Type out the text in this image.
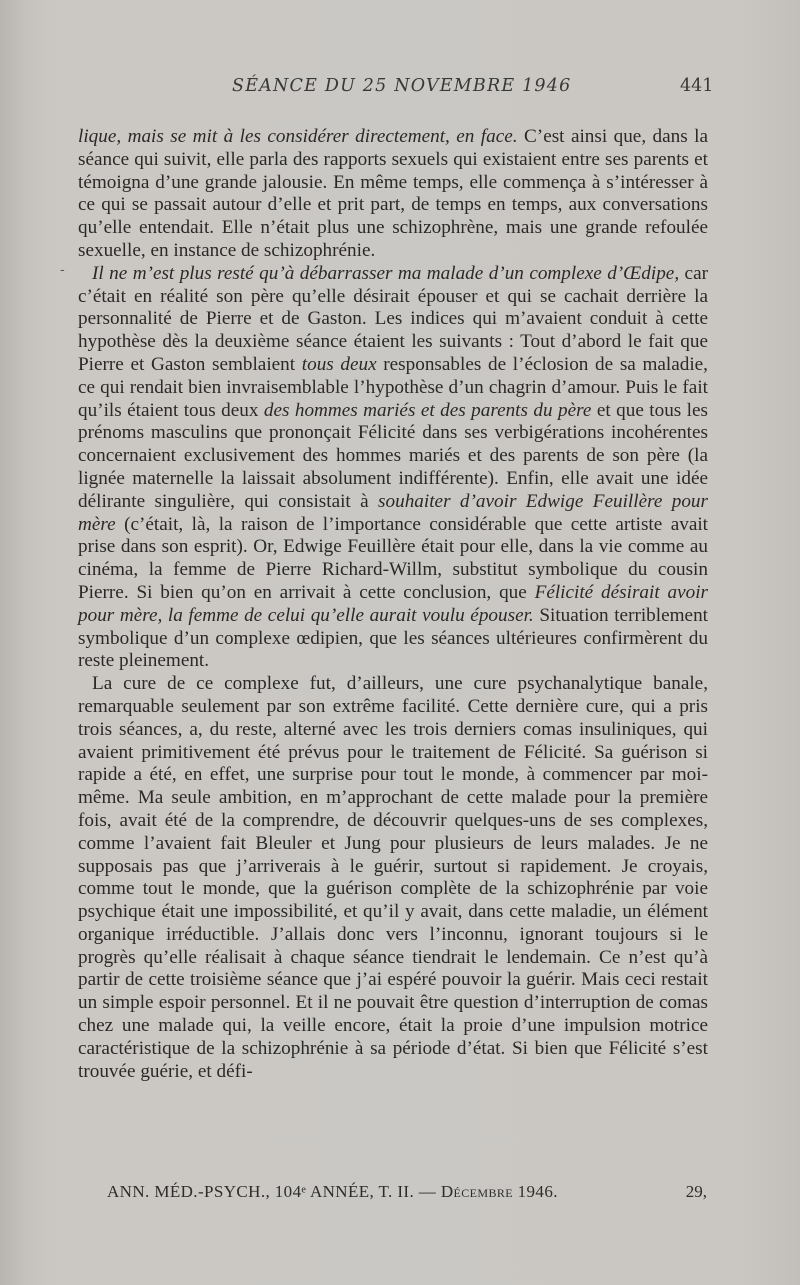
SÉANCE DU 25 NOVEMBRE 1946	441

lique, mais se mit à les considérer directement, en face. C’est ainsi que, dans la séance qui suivit, elle parla des rapports sexuels qui existaient entre ses parents et témoigna d’une grande jalousie. En même temps, elle commença à s’intéresser à ce qui se passait autour d’elle et prit part, de temps en temps, aux conversations qu’elle entendait. Elle n’était plus une schizophrène, mais une grande refoulée sexuelle, en instance de schizophrénie.

Il ne m’est plus resté qu’à débarrasser ma malade d’un complexe d’Œdipe, car c’était en réalité son père qu’elle désirait épouser et qui se cachait derrière la personnalité de Pierre et de Gaston. Les indices qui m’avaient conduit à cette hypothèse dès la deuxième séance étaient les suivants : Tout d’abord le fait que Pierre et Gaston semblaient tous deux responsables de l’éclosion de sa maladie, ce qui rendait bien invraisemblable l’hypothèse d’un chagrin d’amour. Puis le fait qu’ils étaient tous deux des hommes mariés et des parents du père et que tous les prénoms masculins que prononçait Félicité dans ses verbigérations incohérentes concernaient exclusivement des hommes mariés et des parents de son père (la lignée maternelle la laissait absolument indifférente). Enfin, elle avait une idée délirante singulière, qui consistait à souhaiter d’avoir Edwige Feuillère pour mère (c’était, là, la raison de l’importance considérable que cette artiste avait prise dans son esprit). Or, Edwige Feuillère était pour elle, dans la vie comme au cinéma, la femme de Pierre Richard-Willm, substitut symbolique du cousin Pierre. Si bien qu’on en arrivait à cette conclusion, que Félicité désirait avoir pour mère, la femme de celui qu’elle aurait voulu épouser. Situation terriblement symbolique d’un complexe œdipien, que les séances ultérieures confirmèrent du reste pleinement.

La cure de ce complexe fut, d’ailleurs, une cure psychanalytique banale, remarquable seulement par son extrême facilité. Cette dernière cure, qui a pris trois séances, a, du reste, alterné avec les trois derniers comas insuliniques, qui avaient primitivement été prévus pour le traitement de Félicité. Sa guérison si rapide a été, en effet, une surprise pour tout le monde, à commencer par moi-même. Ma seule ambition, en m’approchant de cette malade pour la première fois, avait été de la comprendre, de découvrir quelques-uns de ses complexes, comme l’avaient fait Bleuler et Jung pour plusieurs de leurs malades. Je ne supposais pas que j’arriverais à le guérir, surtout si rapidement. Je croyais, comme tout le monde, que la guérison complète de la schizophrénie par voie psychique était une impossibilité, et qu’il y avait, dans cette maladie, un élément organique irréductible. J’allais donc vers l’inconnu, ignorant toujours si le progrès qu’elle réalisait à chaque séance tiendrait le lendemain. Ce n’est qu’à partir de cette troisième séance que j’ai espéré pouvoir la guérir. Mais ceci restait un simple espoir personnel. Et il ne pouvait être question d’interruption de comas chez une malade qui, la veille encore, était la proie d’une impulsion motrice caractéristique de la schizophrénie à sa période d’état. Si bien que Félicité s’est trouvée guérie, et défi-

ANN. MÉD.-PSYCH., 104ᵉ ANNÉE, T. II. — Décembre 1946.	29,
-
